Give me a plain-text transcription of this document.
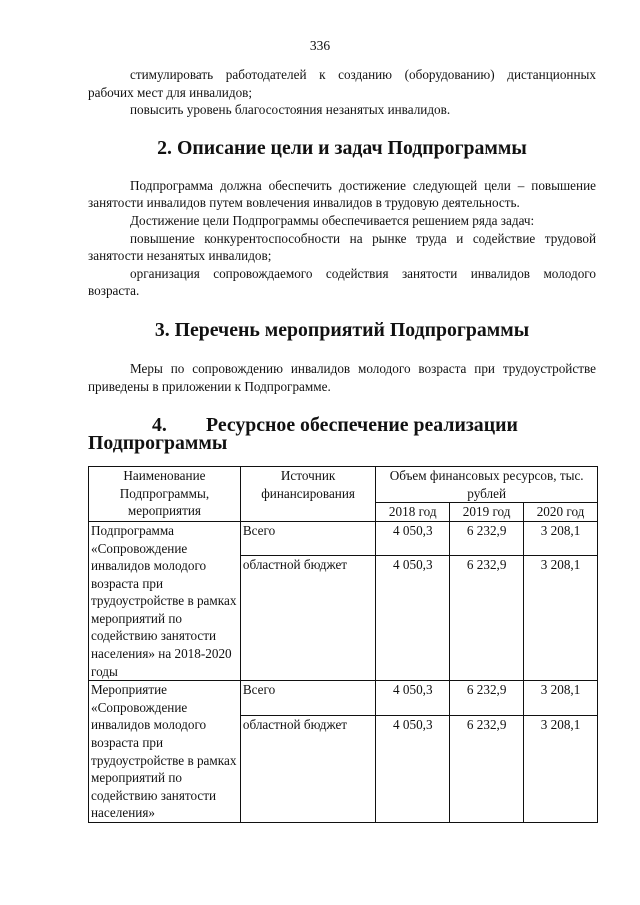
336

стимулировать работодателей к созданию (оборудованию) дистанционных рабочих мест для инвалидов;

повысить уровень благосостояния незанятых инвалидов.

2. Описание цели и задач Подпрограммы

Подпрограмма должна обеспечить достижение следующей цели – повышение занятости инвалидов путем вовлечения инвалидов в трудовую деятельность.

Достижение цели Подпрограммы обеспечивается решением ряда задач:

повышение конкурентоспособности на рынке труда и содействие трудовой занятости незанятых инвалидов;

организация сопровождаемого содействия занятости инвалидов молодого возраста.

3. Перечень мероприятий Подпрограммы

Меры по сопровождению инвалидов молодого возраста при трудоустройстве приведены в приложении к Подпрограмме.

4. Ресурсное обеспечение реализации Подпрограммы
Наименование Подпрограммы, мероприятия	Источник финансирования	Объем финансовых ресурсов, тыс. рублей		
		2018 год	2019 год	2020 год
Подпрограмма «Сопровождение инвалидов молодого возраста при трудоустройстве в рамках мероприятий по содействию занятости населения» на 2018-2020 годы	Всего	4 050,3	6 232,9	3 208,1
	областной бюджет	4 050,3	6 232,9	3 208,1
Мероприятие «Сопровождение инвалидов молодого возраста при трудоустройстве в рамках мероприятий по содействию занятости населения»	Всего	4 050,3	6 232,9	3 208,1
	областной бюджет	4 050,3	6 232,9	3 208,1
